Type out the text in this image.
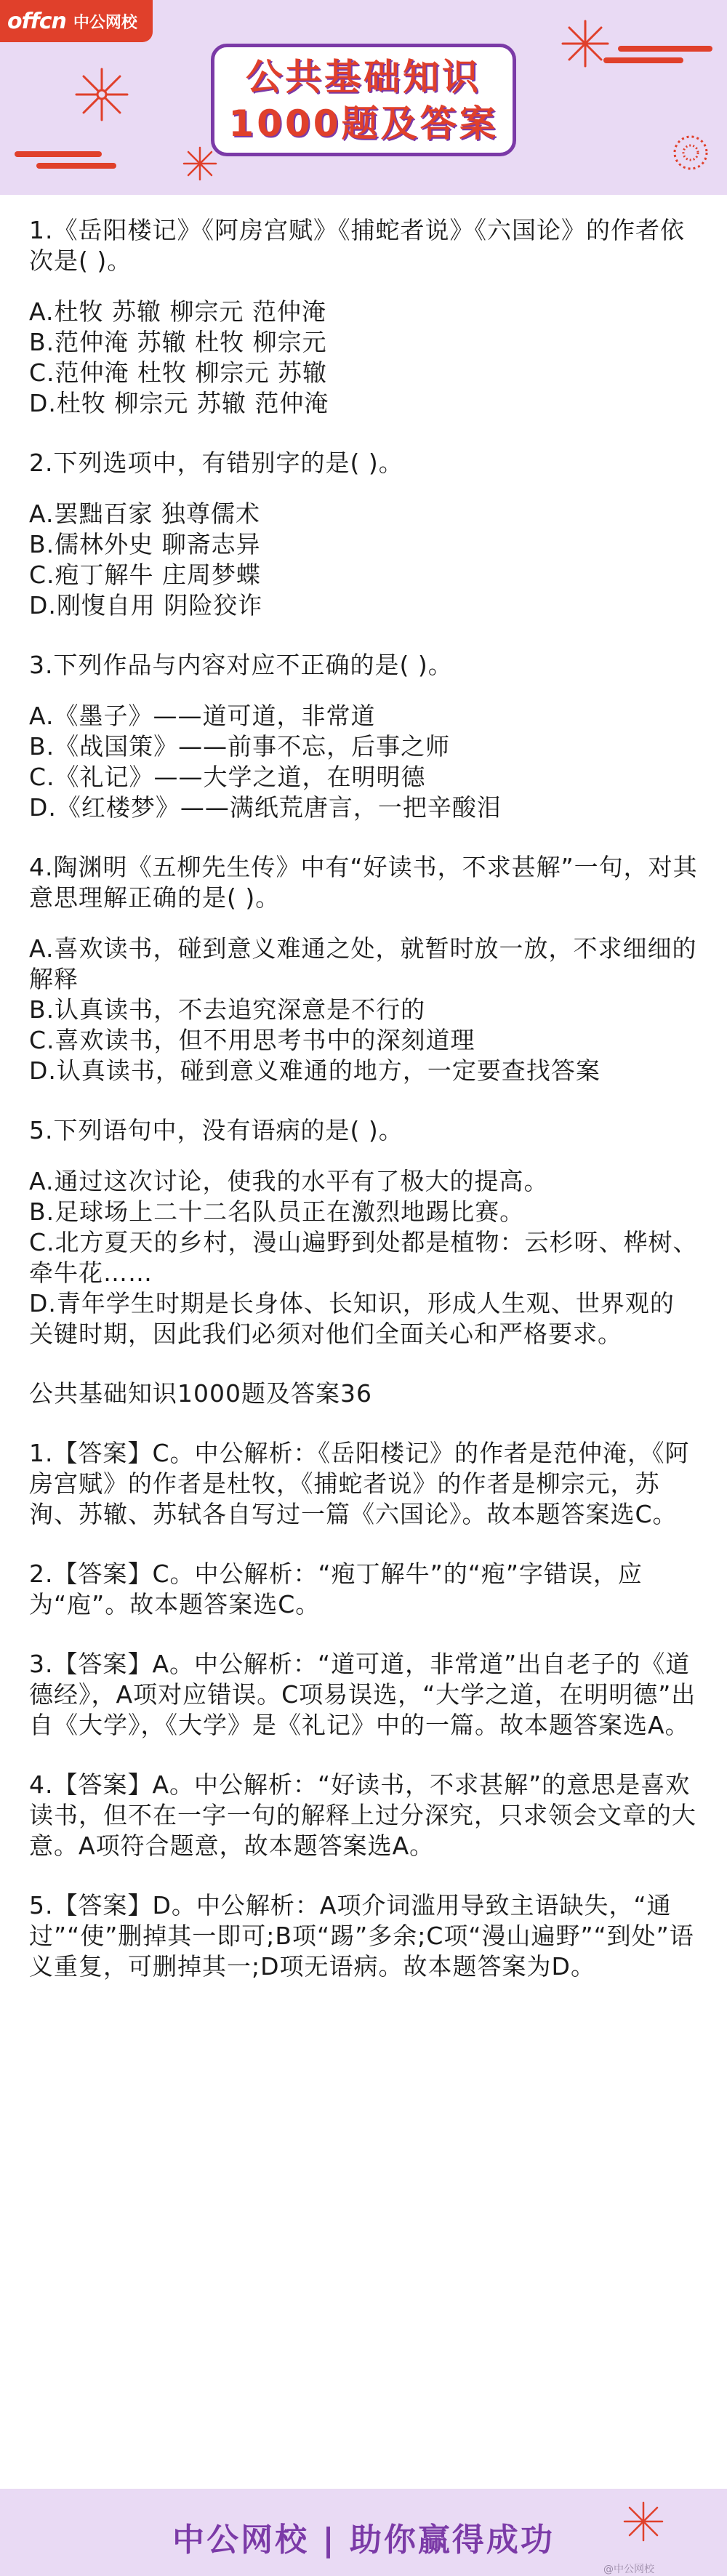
offcn 中公网校
公共基础知识
1000题及答案

1.《岳阳楼记》《阿房宫赋》《捕蛇者说》《六国论》的作者依次是( )。

A.杜牧 苏辙 柳宗元 范仲淹

B.范仲淹 苏辙 杜牧 柳宗元

C.范仲淹 杜牧 柳宗元 苏辙

D.杜牧 柳宗元 苏辙 范仲淹

2.下列选项中，有错别字的是( )。

A.罢黜百家 独尊儒术

B.儒林外史 聊斋志异

C.疱丁解牛 庄周梦蝶

D.刚愎自用 阴险狡诈

3.下列作品与内容对应不正确的是( )。

A.《墨子》——道可道，非常道

B.《战国策》——前事不忘，后事之师

C.《礼记》——大学之道，在明明德

D.《红楼梦》——满纸荒唐言，一把辛酸泪

4.陶渊明《五柳先生传》中有“好读书，不求甚解”一句，对其意思理解正确的是( )。

A.喜欢读书，碰到意义难通之处，就暂时放一放，不求细细的解释

B.认真读书，不去追究深意是不行的

C.喜欢读书，但不用思考书中的深刻道理

D.认真读书，碰到意义难通的地方，一定要查找答案

5.下列语句中，没有语病的是( )。

A.通过这次讨论，使我的水平有了极大的提高。

B.足球场上二十二名队员正在激烈地踢比赛。

C.北方夏天的乡村，漫山遍野到处都是植物：云杉呀、桦树、牵牛花……

D.青年学生时期是长身体、长知识，形成人生观、世界观的关键时期，因此我们必须对他们全面关心和严格要求。

公共基础知识1000题及答案36

1.【答案】C。中公解析：《岳阳楼记》的作者是范仲淹，《阿房宫赋》的作者是杜牧，《捕蛇者说》的作者是柳宗元，苏洵、苏辙、苏轼各自写过一篇《六国论》。故本题答案选C。

2.【答案】C。中公解析：“疱丁解牛”的“疱”字错误，应为“庖”。故本题答案选C。

3.【答案】A。中公解析：“道可道，非常道”出自老子的《道德经》，A项对应错误。C项易误选，“大学之道，在明明德”出自《大学》，《大学》是《礼记》中的一篇。故本题答案选A。

4.【答案】A。中公解析：“好读书，不求甚解”的意思是喜欢读书，但不在一字一句的解释上过分深究，只求领会文章的大意。A项符合题意，故本题答案选A。

5.【答案】D。中公解析：A项介词滥用导致主语缺失，“通过”“使”删掉其一即可;B项“踢”多余;C项“漫山遍野”“到处”语义重复，可删掉其一;D项无语病。故本题答案为D。

中公网校 | 助你赢得成功
@中公网校
